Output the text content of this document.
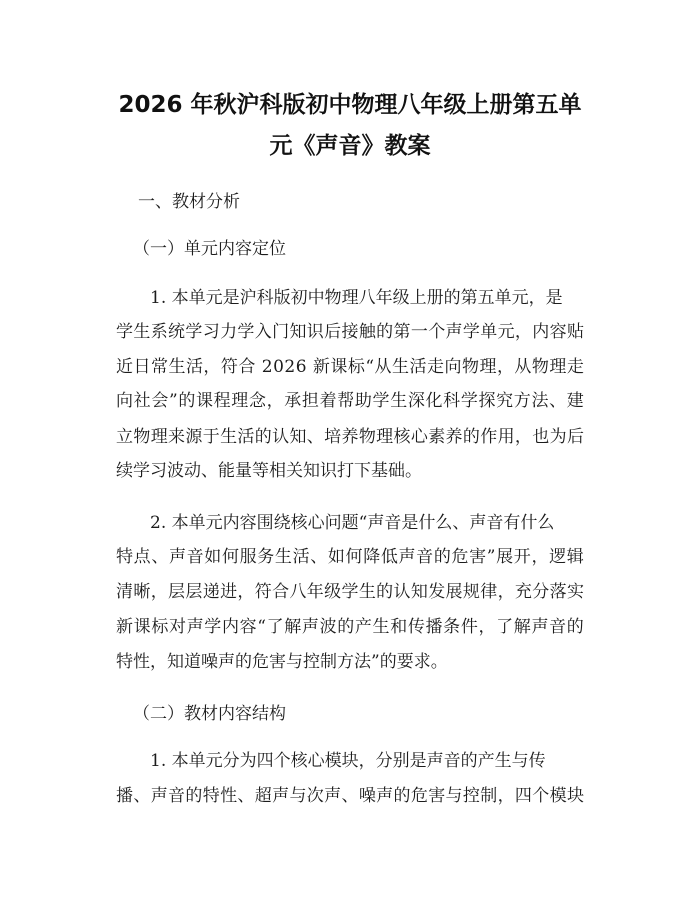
2026 年秋沪科版初中物理八年级上册第五单
元《声音》教案
一、教材分析
（一）单元内容定位
1. 本单元是沪科版初中物理八年级上册的第五单元，是
学 生 系 统 学 习 力 学 入 门 知 识 后 接 触 的 第 一 个 声 学 单 元 ， 内 容 贴
近 日 常 生 活 ， 符 合
2 0 2 6
新 课 标 “ 从 生 活 走 向 物 理 ， 从 物 理 走
向 社 会 ” 的 课 程 理 念 ， 承 担 着 帮 助 学 生 深 化 科 学 探 究 方 法 、 建
立 物 理 来 源 于 生 活 的 认 知 、 培 养 物 理 核 心 素 养 的 作 用 ， 也 为 后
续学习波动、能量等相关知识打下基础。
2. 本单元内容围绕核心问题“声音是什么、声音有什么
特 点 、 声 音 如 何 服 务 生 活 、 如 何 降 低 声 音 的 危 害 ” 展 开 ， 逻 辑
清 晰 ， 层 层 递 进 ， 符 合 八 年 级 学 生 的 认 知 发 展 规 律 ， 充 分 落 实
新 课 标 对 声 学 内 容 “ 了 解 声 波 的 产 生 和 传 播 条 件 ， 了 解 声 音 的
特性，知道噪声的危害与控制方法”的要求。
（二）教材内容结构
1. 本单元分为四个核心模块，分别是声音的产生与传
播 、 声 音 的 特 性 、 超 声 与 次 声 、 噪 声 的 危 害 与 控 制 ， 四 个 模 块
